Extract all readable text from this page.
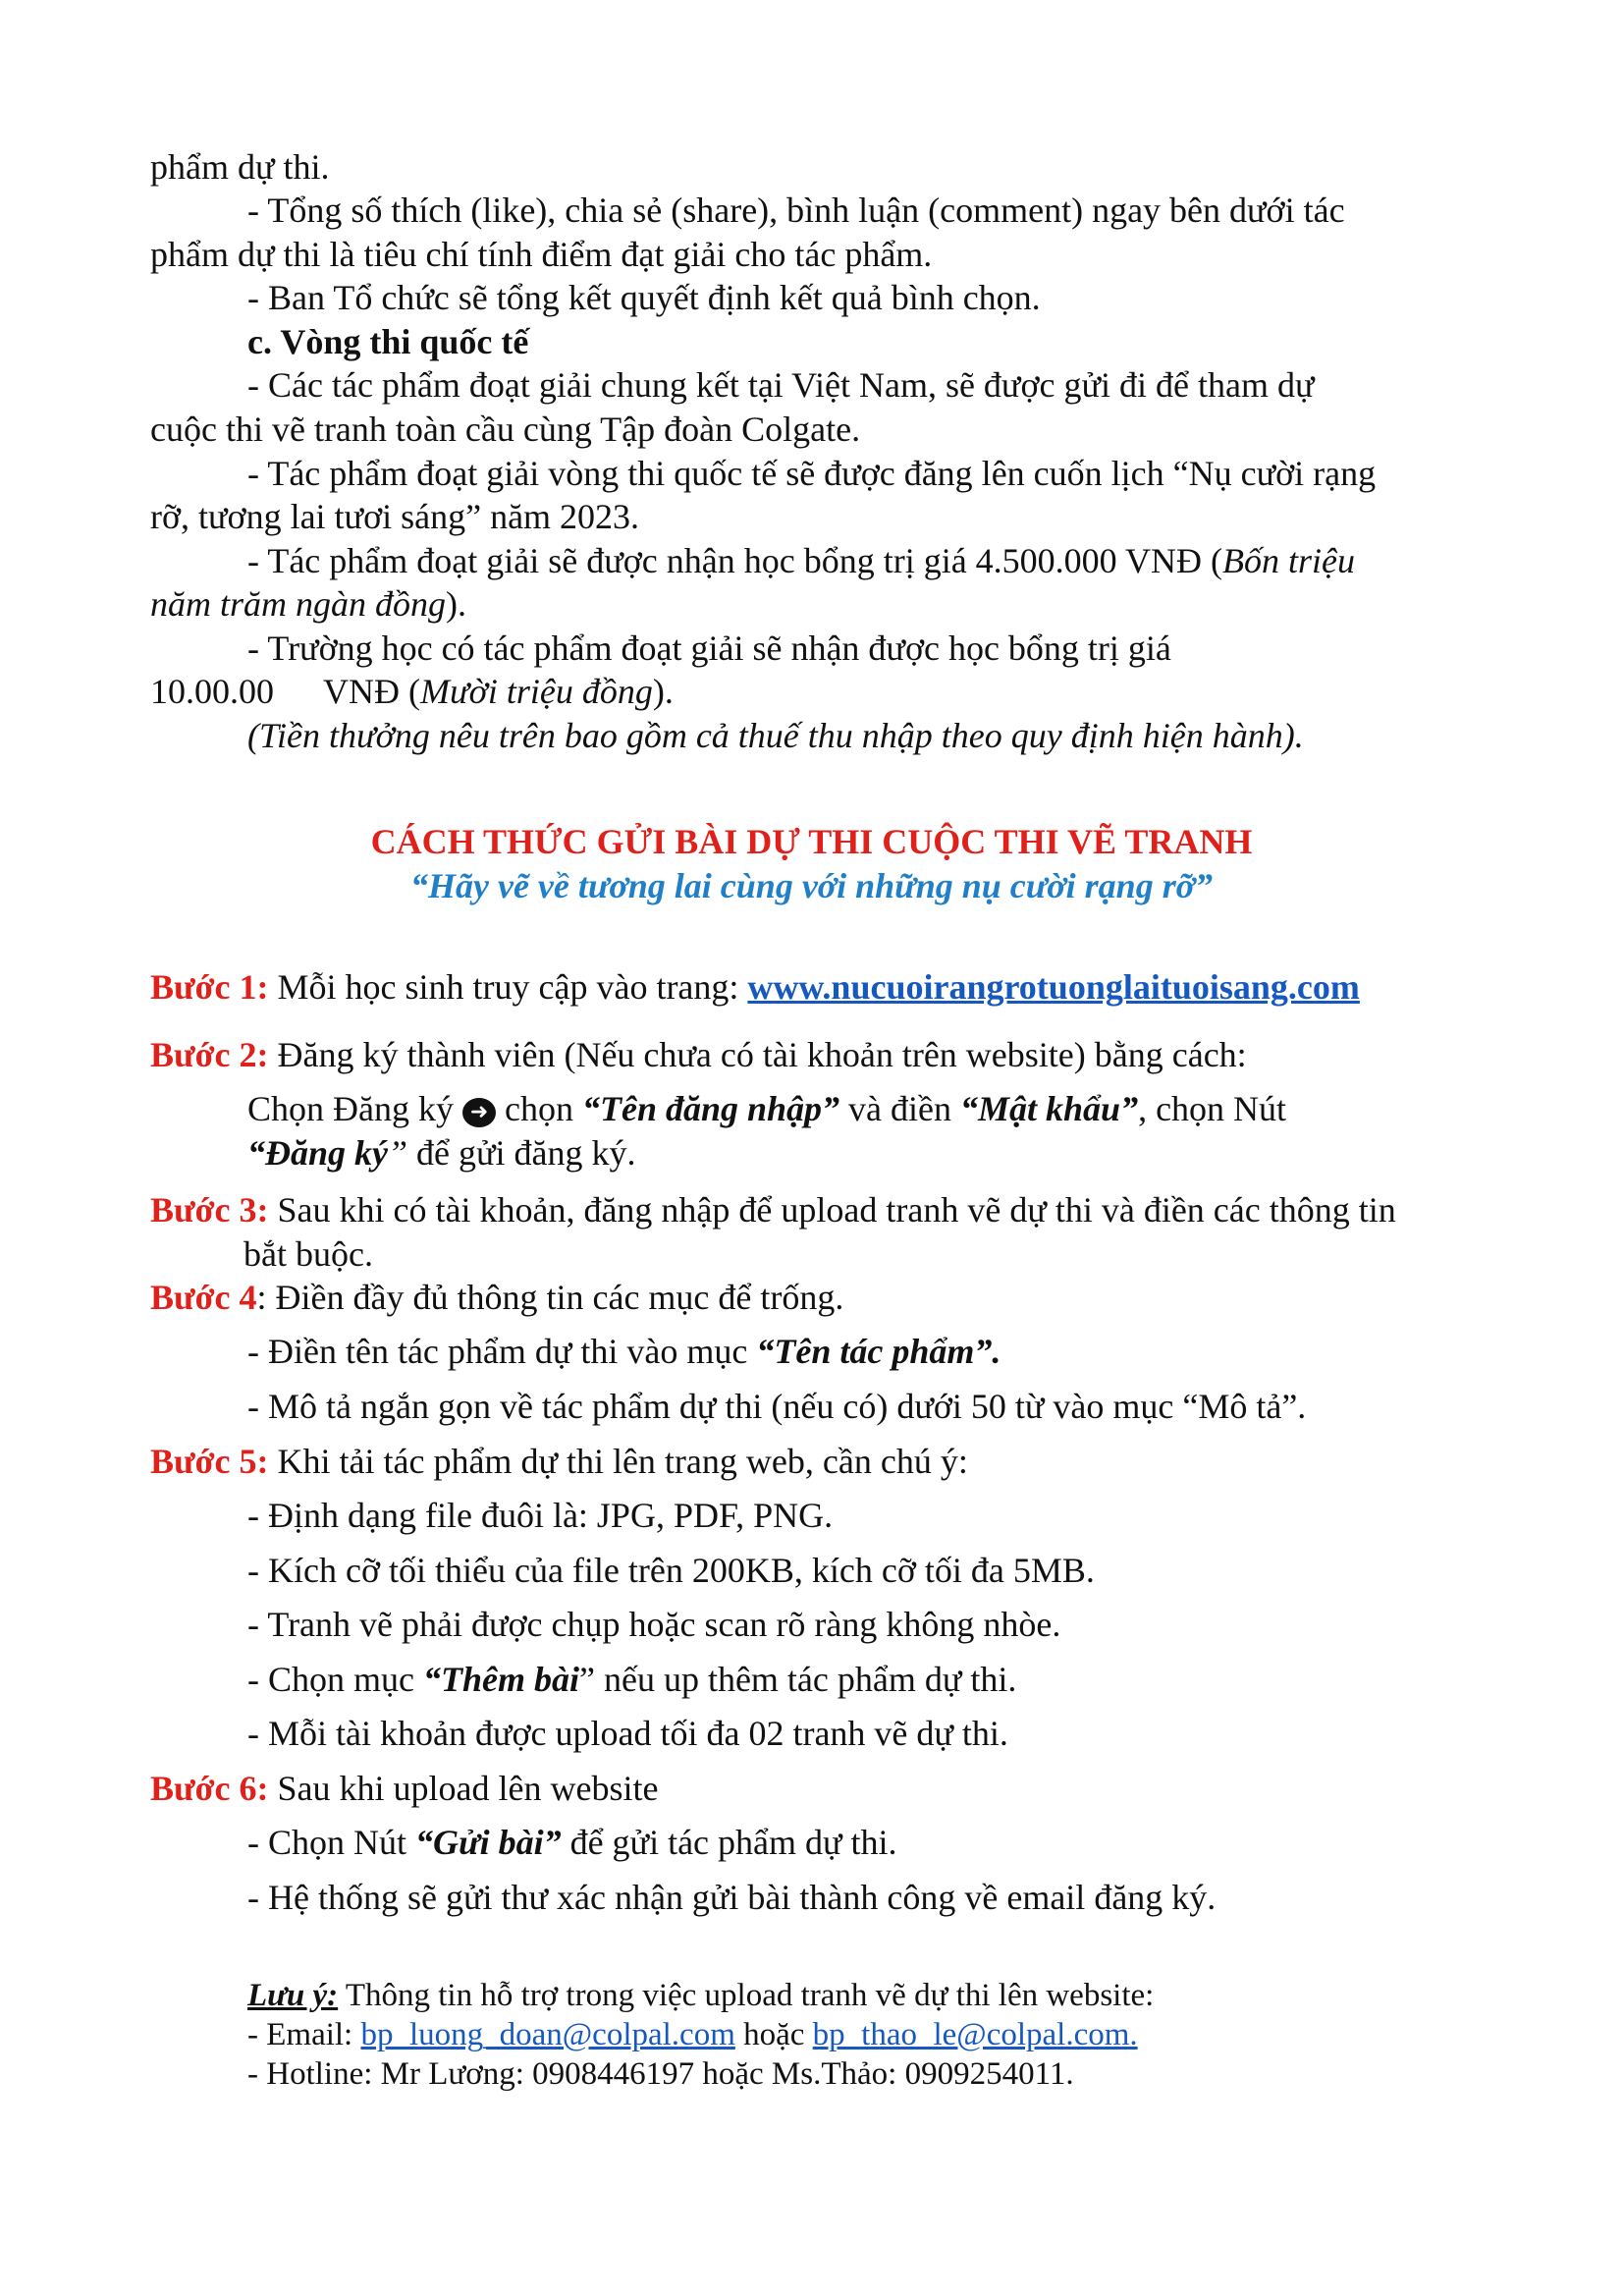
phẩm dự thi.

- Tổng số thích (like), chia sẻ (share), bình luận (comment) ngay bên dưới tác

phẩm dự thi là tiêu chí tính điểm đạt giải cho tác phẩm.

- Ban Tổ chức sẽ tổng kết quyết định kết quả bình chọn.

c. Vòng thi quốc tế

- Các tác phẩm đoạt giải chung kết tại Việt Nam, sẽ được gửi đi để tham dự

cuộc thi vẽ tranh toàn cầu cùng Tập đoàn Colgate.

- Tác phẩm đoạt giải vòng thi quốc tế sẽ được đăng lên cuốn lịch “Nụ cười rạng

rỡ, tương lai tươi sáng” năm 2023.

- Tác phẩm đoạt giải sẽ được nhận học bổng trị giá 4.500.000 VNĐ (Bốn triệu

năm trăm ngàn đồng).

- Trường học có tác phẩm đoạt giải sẽ nhận được học bổng trị giá

10.00.00 VNĐ (Mười triệu đồng).

(Tiền thưởng nêu trên bao gồm cả thuế thu nhập theo quy định hiện hành).

CÁCH THỨC GỬI BÀI DỰ THI CUỘC THI VẼ TRANH

“Hãy vẽ về tương lai cùng với những nụ cười rạng rỡ”

Bước 1: Mỗi học sinh truy cập vào trang: www.nucuoirangrotuonglaituoisang.com

Bước 2: Đăng ký thành viên (Nếu chưa có tài khoản trên website) bằng cách:

Chọn Đăng ký ➜ chọn “Tên đăng nhập” và điền “Mật khẩu”, chọn Nút

“Đăng ký” để gửi đăng ký.

Bước 3: Sau khi có tài khoản, đăng nhập để upload tranh vẽ dự thi và điền các thông tin

bắt buộc.

Bước 4: Điền đầy đủ thông tin các mục để trống.

- Điền tên tác phẩm dự thi vào mục “Tên tác phẩm”.

- Mô tả ngắn gọn về tác phẩm dự thi (nếu có) dưới 50 từ vào mục “Mô tả”.

Bước 5: Khi tải tác phẩm dự thi lên trang web, cần chú ý:

- Định dạng file đuôi là: JPG, PDF, PNG.

- Kích cỡ tối thiểu của file trên 200KB, kích cỡ tối đa 5MB.

- Tranh vẽ phải được chụp hoặc scan rõ ràng không nhòe.

- Chọn mục “Thêm bài” nếu up thêm tác phẩm dự thi.

- Mỗi tài khoản được upload tối đa 02 tranh vẽ dự thi.

Bước 6: Sau khi upload lên website

- Chọn Nút “Gửi bài” để gửi tác phẩm dự thi.

- Hệ thống sẽ gửi thư xác nhận gửi bài thành công về email đăng ký.

Lưu ý: Thông tin hỗ trợ trong việc upload tranh vẽ dự thi lên website:

- Email: bp_luong_doan@colpal.com hoặc bp_thao_le@colpal.com.

- Hotline: Mr Lương: 0908446197 hoặc Ms.Thảo: 0909254011.
